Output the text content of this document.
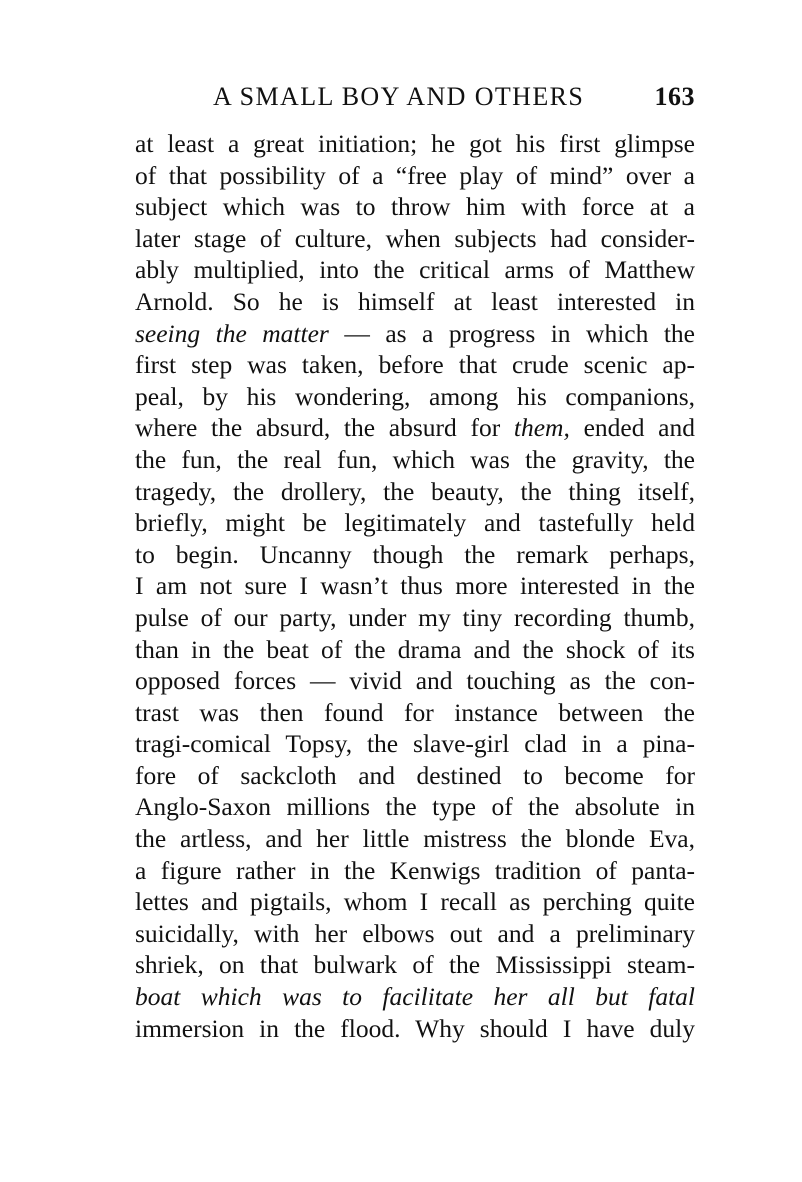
A SMALL BOY AND OTHERS	163
at least a great initiation; he got his first glimpse
of that possibility of a “free play of mind” over a
subject which was to throw him with force at a
later stage of culture, when subjects had consider-
ably multiplied, into the critical arms of Matthew
Arnold. So he is himself at least interested in
seeing the matter — as a progress in which the
first step was taken, before that crude scenic ap-
peal, by his wondering, among his companions,
where the absurd, the absurd for them, ended and
the fun, the real fun, which was the gravity, the
tragedy, the drollery, the beauty, the thing itself,
briefly, might be legitimately and tastefully held
to begin. Uncanny though the remark perhaps,
I am not sure I wasn’t thus more interested in the
pulse of our party, under my tiny recording thumb,
than in the beat of the drama and the shock of its
opposed forces — vivid and touching as the con-
trast was then found for instance between the
tragi-comical Topsy, the slave-girl clad in a pina-
fore of sackcloth and destined to become for
Anglo-Saxon millions the type of the absolute in
the artless, and her little mistress the blonde Eva,
a figure rather in the Kenwigs tradition of panta-
lettes and pigtails, whom I recall as perching quite
suicidally, with her elbows out and a preliminary
shriek, on that bulwark of the Mississippi steam-
boat which was to facilitate her all but fatal
immersion in the flood. Why should I have duly
